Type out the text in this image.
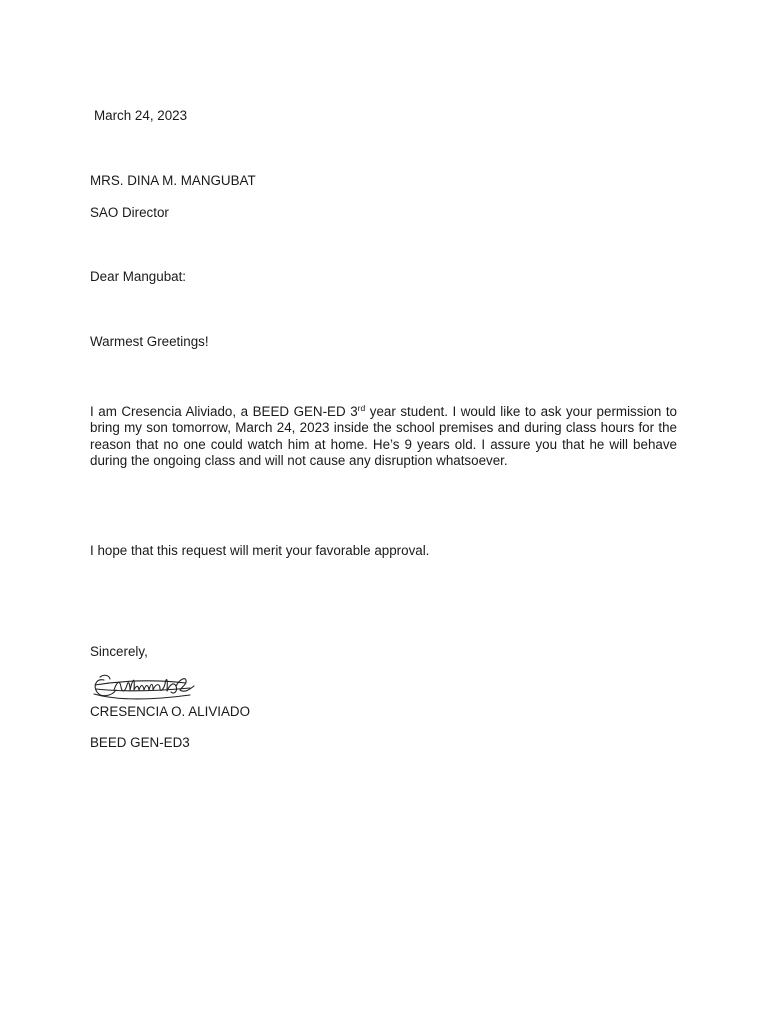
March 24, 2023
MRS. DINA M. MANGUBAT
SAO Director
Dear Mangubat:
Warmest Greetings!
I am Cresencia Aliviado, a BEED GEN-ED 3rd year student. I would like to ask your permission to bring my son tomorrow, March 24, 2023 inside the school premises and during class hours for the reason that no one could watch him at home. He’s 9 years old. I assure you that he will behave during the ongoing class and will not cause any disruption whatsoever.
I hope that this request will merit your favorable approval.
Sincerely,
CRESENCIA O. ALIVIADO
BEED GEN-ED3
